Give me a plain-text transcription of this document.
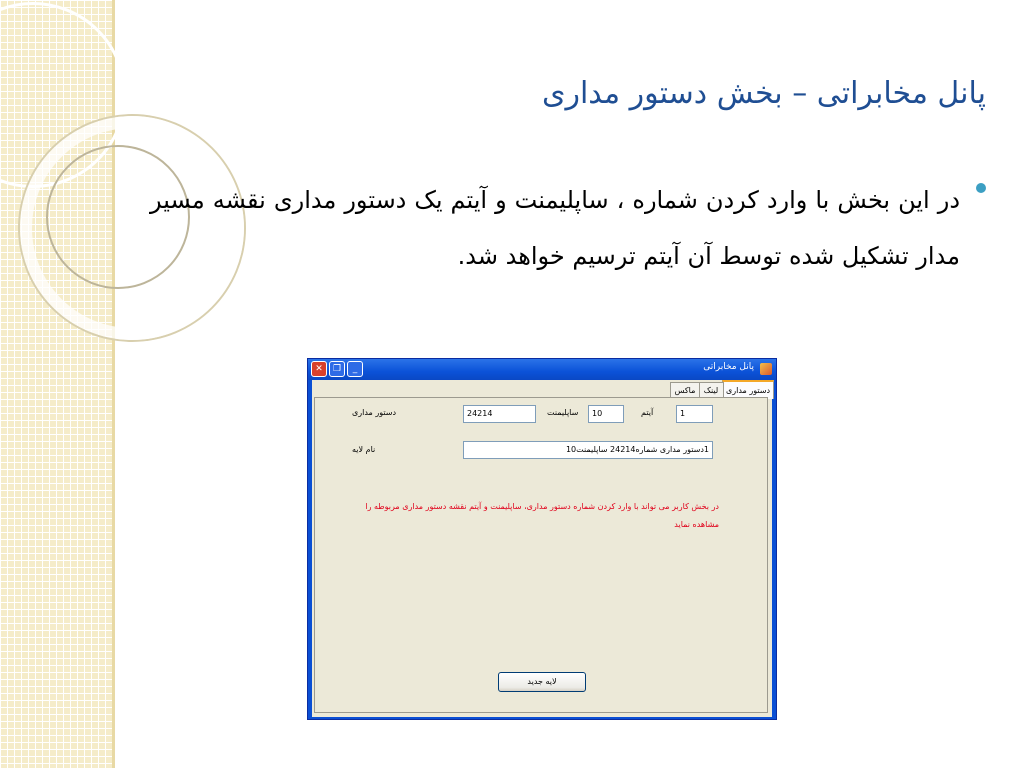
پانل مخابراتی – بخش دستور مداری
در این بخش با وارد کردن شماره ، ساپلیمنت و آیتم یک دستور مداری نقشه مسیر مدار تشکیل شده توسط آن آیتم ترسیم خواهد شد.
✕	❐	_	پانل مخابراتی
دستور مداری
لینک
ماکس
دستور مداری	24214	ساپلیمنت	10	آیتم	1
نام لایه	1دستور مداری شماره24214 ساپلیمنت10
در بخش کاربر می تواند با وارد کردن شماره دستور مداری، ساپلیمنت و آیتم نقشه دستور مداری مربوطه را مشاهده نماید
لایه جدید
